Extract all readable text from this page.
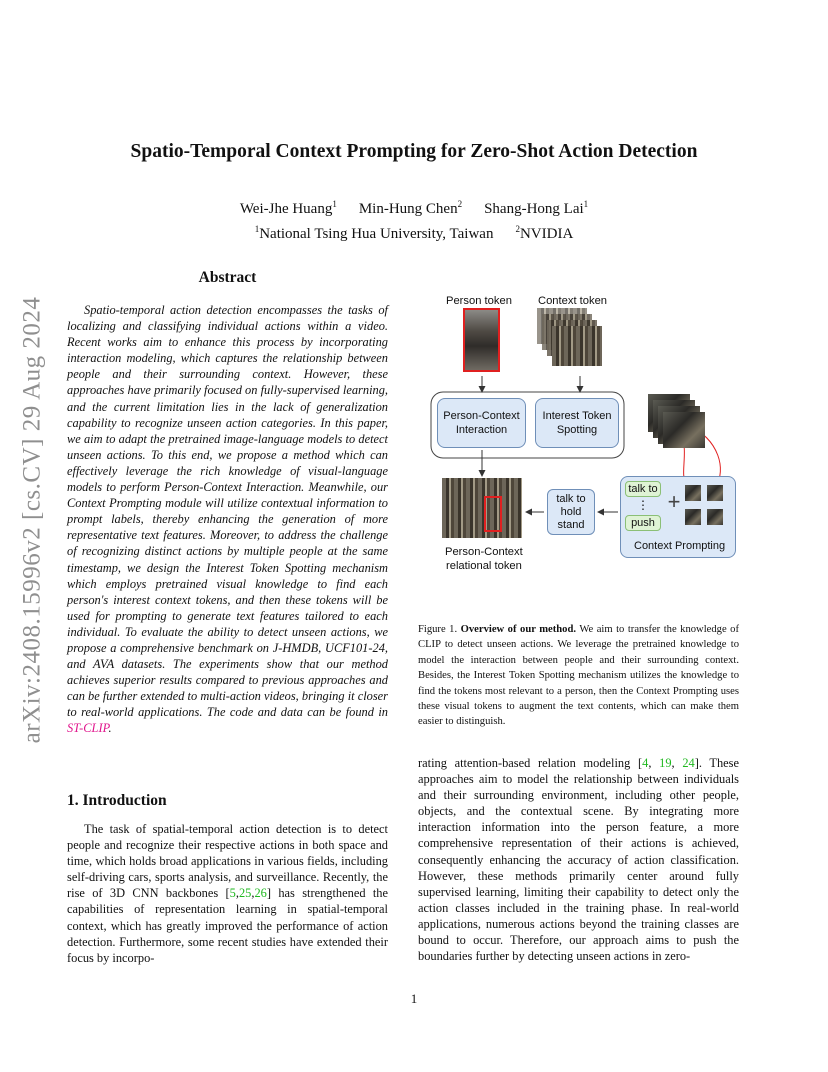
arXiv:2408.15996v2 [cs.CV] 29 Aug 2024
Spatio-Temporal Context Prompting for Zero-Shot Action Detection
Wei-Jhe Huang$^1$ Min-Hung Chen$^2$ Shang-Hong Lai$^1$
$^1$National Tsing Hua University, Taiwan $^2$NVIDIA
Abstract

Spatio-temporal action detection encompasses the tasks of localizing and classifying individual actions within a video. Recent works aim to enhance this process by incorporating interaction modeling, which captures the relationship between people and their surrounding context. However, these approaches have primarily focused on fully-supervised learning, and the current limitation lies in the lack of generalization capability to recognize unseen action categories. In this paper, we aim to adapt the pretrained image-language models to detect unseen actions. To this end, we propose a method which can effectively leverage the rich knowledge of visual-language models to perform Person-Context Interaction. Meanwhile, our Context Prompting module will utilize contextual information to prompt labels, thereby enhancing the generation of more representative text features. Moreover, to address the challenge of recognizing distinct actions by multiple people at the same timestamp, we design the Interest Token Spotting mechanism which employs pretrained visual knowledge to find each person's interest context tokens, and then these tokens will be used for prompting to generate text features tailored to each individual. To evaluate the ability to detect unseen actions, we propose a comprehensive benchmark on J-HMDB, UCF101-24, and AVA datasets. The experiments show that our method achieves superior results compared to previous approaches and can be further extended to multi-action videos, bringing it closer to real-world applications. The code and data can be found in ST-CLIP.

1. Introduction

The task of spatial-temporal action detection is to detect people and recognize their respective actions in both space and time, which holds broad applications in various fields, including self-driving cars, sports analysis, and surveillance. Recently, the rise of 3D CNN backbones [5,25,26] has strengthened the capabilities of representation learning in spatial-temporal context, which has greatly improved the performance of action detection. Furthermore, some recent studies have extended their focus by incorpo-

Person token Context token
Person-Context
Interaction
Interest Token
Spotting
Person-Context
relational token
talk to
hold
stand
talk to
⋮
push
+
Context Prompting
Figure 1. Overview of our method. We aim to transfer the knowledge of CLIP to detect unseen actions. We leverage the pretrained knowledge to model the interaction between people and their surrounding context. Besides, the Interest Token Spotting mechanism utilizes the knowledge to find the tokens most relevant to a person, then the Context Prompting uses these visual tokens to augment the text contents, which can make them easier to distinguish.

rating attention-based relation modeling [4, 19, 24]. These approaches aim to model the relationship between individuals and their surrounding environment, including other people, objects, and the contextual scene. By integrating more interaction information into the person feature, a more comprehensive representation of their actions is achieved, consequently enhancing the accuracy of action classification. However, these methods primarily center around fully supervised learning, limiting their capability to detect only the action classes included in the training phase. In real-world applications, numerous actions beyond the training classes are bound to occur. Therefore, our approach aims to push the boundaries further by detecting unseen actions in zero-

1
